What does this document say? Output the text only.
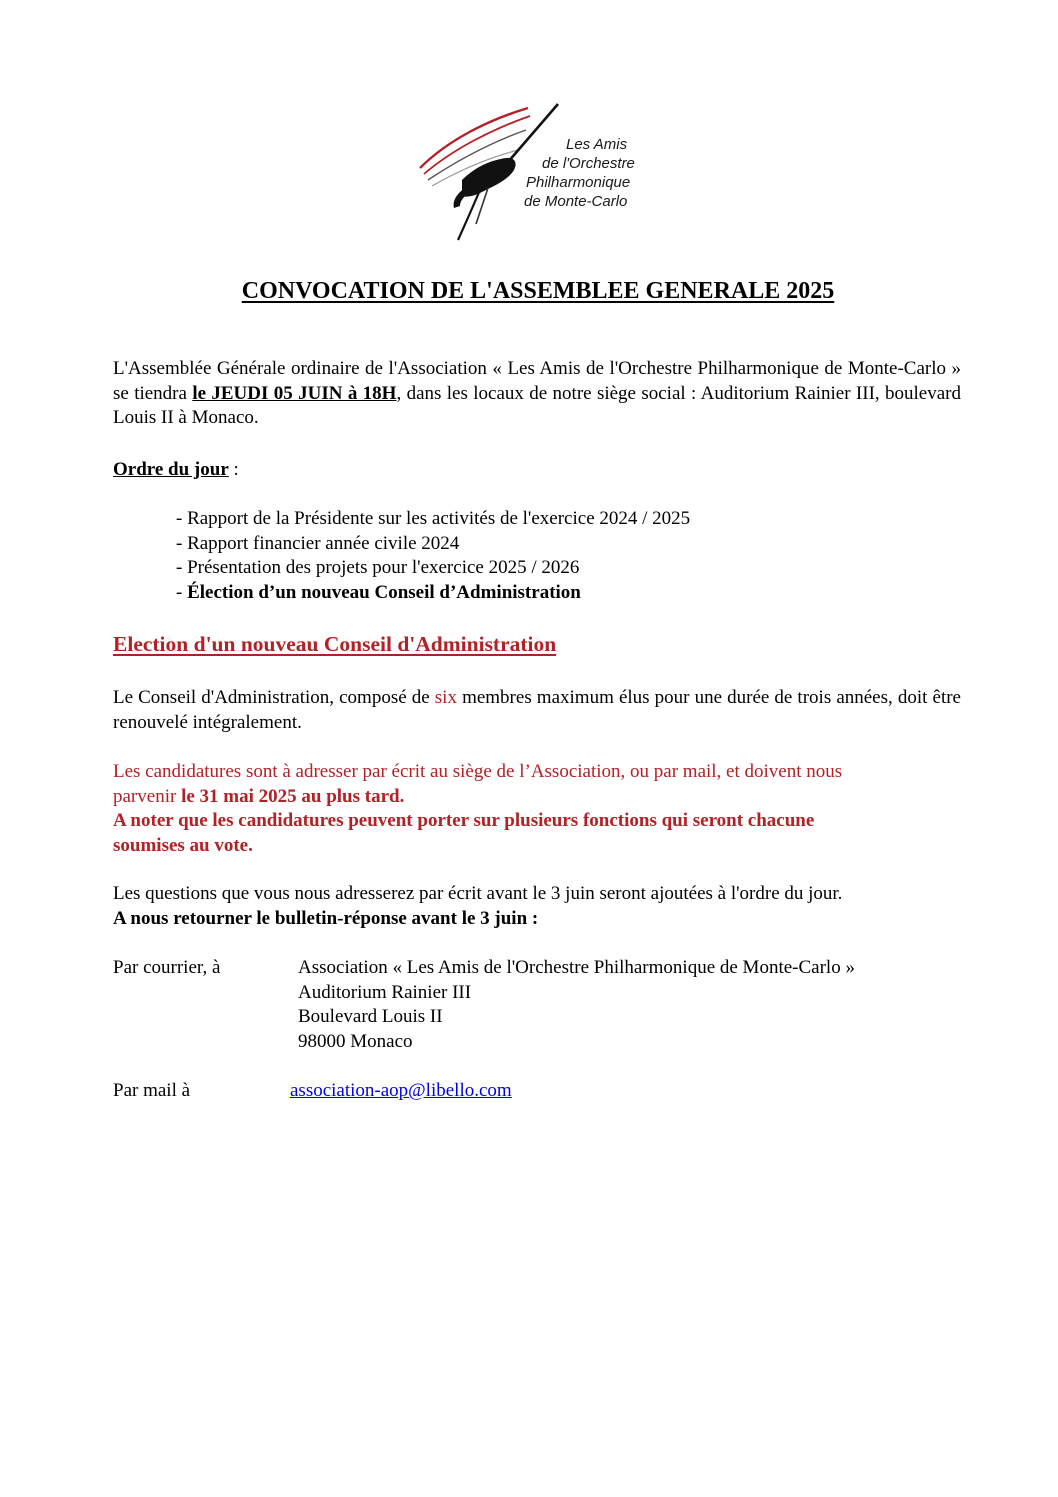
Les Amis
de l'Orchestre
Philharmonique
de Monte-Carlo
CONVOCATION DE L'ASSEMBLEE GENERALE 2025

L'Assemblée Générale ordinaire de l'Association « Les Amis de l'Orchestre Philharmonique de Monte-Carlo » se tiendra le JEUDI 05 JUIN à 18H, dans les locaux de notre siège social : Auditorium Rainier III, boulevard Louis II à Monaco.

Ordre du jour :
- Rapport de la Présidente sur les activités de l'exercice 2024 / 2025
- Rapport financier année civile 2024
- Présentation des projets pour l'exercice 2025 / 2026
- Élection d’un nouveau Conseil d’Administration
Election d'un nouveau Conseil d'Administration

Le Conseil d'Administration, composé de six membres maximum élus pour une durée de trois années, doit être renouvelé intégralement.

Les candidatures sont à adresser par écrit au siège de l’Association, ou par mail, et doivent nous
parvenir le 31 mai 2025 au plus tard.
A noter que les candidatures peuvent porter sur plusieurs fonctions qui seront chacune
soumises au vote.
Les questions que vous nous adresserez par écrit avant le 3 juin seront ajoutées à l'ordre du jour.
A nous retourner le bulletin-réponse avant le 3 juin :
Par courrier, à	Association « Les Amis de l'Orchestre Philharmonique de Monte-Carlo »
Auditorium Rainier III
Boulevard Louis II
98000 Monaco
Par mail à	association-aop@libello.com
